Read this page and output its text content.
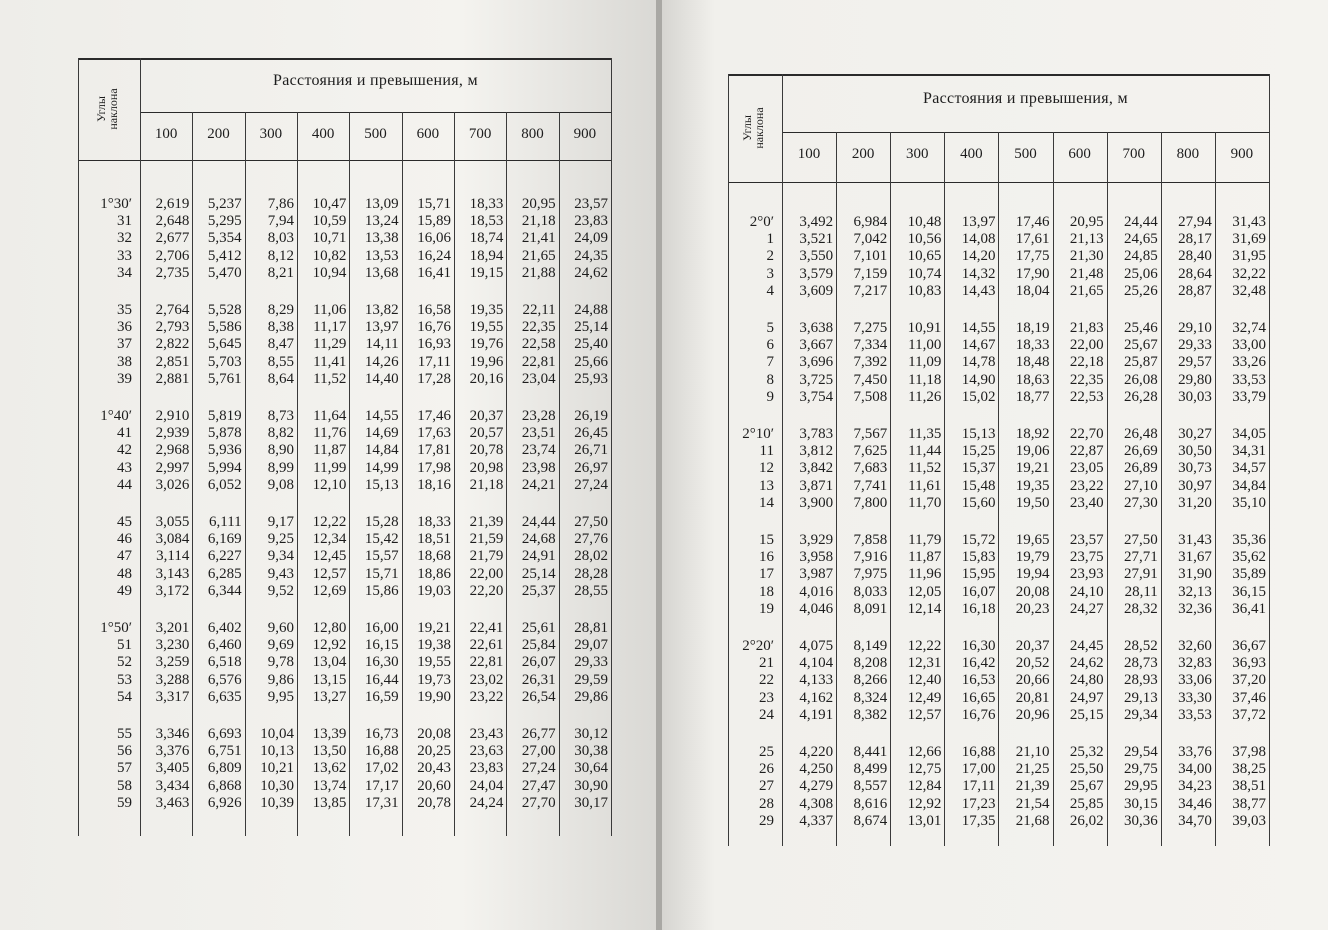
Расстояния и превышения, м
Углы
наклона
100	200	300	400	500	600	700	800	900
1°30′	2,619	5,237	7,86	10,47	13,09	15,71	18,33	20,95	23,57
31	2,648	5,295	7,94	10,59	13,24	15,89	18,53	21,18	23,83
32	2,677	5,354	8,03	10,71	13,38	16,06	18,74	21,41	24,09
33	2,706	5,412	8,12	10,82	13,53	16,24	18,94	21,65	24,35
34	2,735	5,470	8,21	10,94	13,68	16,41	19,15	21,88	24,62
35	2,764	5,528	8,29	11,06	13,82	16,58	19,35	22,11	24,88
36	2,793	5,586	8,38	11,17	13,97	16,76	19,55	22,35	25,14
37	2,822	5,645	8,47	11,29	14,11	16,93	19,76	22,58	25,40
38	2,851	5,703	8,55	11,41	14,26	17,11	19,96	22,81	25,66
39	2,881	5,761	8,64	11,52	14,40	17,28	20,16	23,04	25,93
1°40′	2,910	5,819	8,73	11,64	14,55	17,46	20,37	23,28	26,19
41	2,939	5,878	8,82	11,76	14,69	17,63	20,57	23,51	26,45
42	2,968	5,936	8,90	11,87	14,84	17,81	20,78	23,74	26,71
43	2,997	5,994	8,99	11,99	14,99	17,98	20,98	23,98	26,97
44	3,026	6,052	9,08	12,10	15,13	18,16	21,18	24,21	27,24
45	3,055	6,111	9,17	12,22	15,28	18,33	21,39	24,44	27,50
46	3,084	6,169	9,25	12,34	15,42	18,51	21,59	24,68	27,76
47	3,114	6,227	9,34	12,45	15,57	18,68	21,79	24,91	28,02
48	3,143	6,285	9,43	12,57	15,71	18,86	22,00	25,14	28,28
49	3,172	6,344	9,52	12,69	15,86	19,03	22,20	25,37	28,55
1°50′	3,201	6,402	9,60	12,80	16,00	19,21	22,41	25,61	28,81
51	3,230	6,460	9,69	12,92	16,15	19,38	22,61	25,84	29,07
52	3,259	6,518	9,78	13,04	16,30	19,55	22,81	26,07	29,33
53	3,288	6,576	9,86	13,15	16,44	19,73	23,02	26,31	29,59
54	3,317	6,635	9,95	13,27	16,59	19,90	23,22	26,54	29,86
55	3,346	6,693	10,04	13,39	16,73	20,08	23,43	26,77	30,12
56	3,376	6,751	10,13	13,50	16,88	20,25	23,63	27,00	30,38
57	3,405	6,809	10,21	13,62	17,02	20,43	23,83	27,24	30,64
58	3,434	6,868	10,30	13,74	17,17	20,60	24,04	27,47	30,90
59	3,463	6,926	10,39	13,85	17,31	20,78	24,24	27,70	30,17
Расстояния и превышения, м
Углы
наклона
100	200	300	400	500	600	700	800	900
2°0′	3,492	6,984	10,48	13,97	17,46	20,95	24,44	27,94	31,43
1	3,521	7,042	10,56	14,08	17,61	21,13	24,65	28,17	31,69
2	3,550	7,101	10,65	14,20	17,75	21,30	24,85	28,40	31,95
3	3,579	7,159	10,74	14,32	17,90	21,48	25,06	28,64	32,22
4	3,609	7,217	10,83	14,43	18,04	21,65	25,26	28,87	32,48
5	3,638	7,275	10,91	14,55	18,19	21,83	25,46	29,10	32,74
6	3,667	7,334	11,00	14,67	18,33	22,00	25,67	29,33	33,00
7	3,696	7,392	11,09	14,78	18,48	22,18	25,87	29,57	33,26
8	3,725	7,450	11,18	14,90	18,63	22,35	26,08	29,80	33,53
9	3,754	7,508	11,26	15,02	18,77	22,53	26,28	30,03	33,79
2°10′	3,783	7,567	11,35	15,13	18,92	22,70	26,48	30,27	34,05
11	3,812	7,625	11,44	15,25	19,06	22,87	26,69	30,50	34,31
12	3,842	7,683	11,52	15,37	19,21	23,05	26,89	30,73	34,57
13	3,871	7,741	11,61	15,48	19,35	23,22	27,10	30,97	34,84
14	3,900	7,800	11,70	15,60	19,50	23,40	27,30	31,20	35,10
15	3,929	7,858	11,79	15,72	19,65	23,57	27,50	31,43	35,36
16	3,958	7,916	11,87	15,83	19,79	23,75	27,71	31,67	35,62
17	3,987	7,975	11,96	15,95	19,94	23,93	27,91	31,90	35,89
18	4,016	8,033	12,05	16,07	20,08	24,10	28,11	32,13	36,15
19	4,046	8,091	12,14	16,18	20,23	24,27	28,32	32,36	36,41
2°20′	4,075	8,149	12,22	16,30	20,37	24,45	28,52	32,60	36,67
21	4,104	8,208	12,31	16,42	20,52	24,62	28,73	32,83	36,93
22	4,133	8,266	12,40	16,53	20,66	24,80	28,93	33,06	37,20
23	4,162	8,324	12,49	16,65	20,81	24,97	29,13	33,30	37,46
24	4,191	8,382	12,57	16,76	20,96	25,15	29,34	33,53	37,72
25	4,220	8,441	12,66	16,88	21,10	25,32	29,54	33,76	37,98
26	4,250	8,499	12,75	17,00	21,25	25,50	29,75	34,00	38,25
27	4,279	8,557	12,84	17,11	21,39	25,67	29,95	34,23	38,51
28	4,308	8,616	12,92	17,23	21,54	25,85	30,15	34,46	38,77
29	4,337	8,674	13,01	17,35	21,68	26,02	30,36	34,70	39,03
